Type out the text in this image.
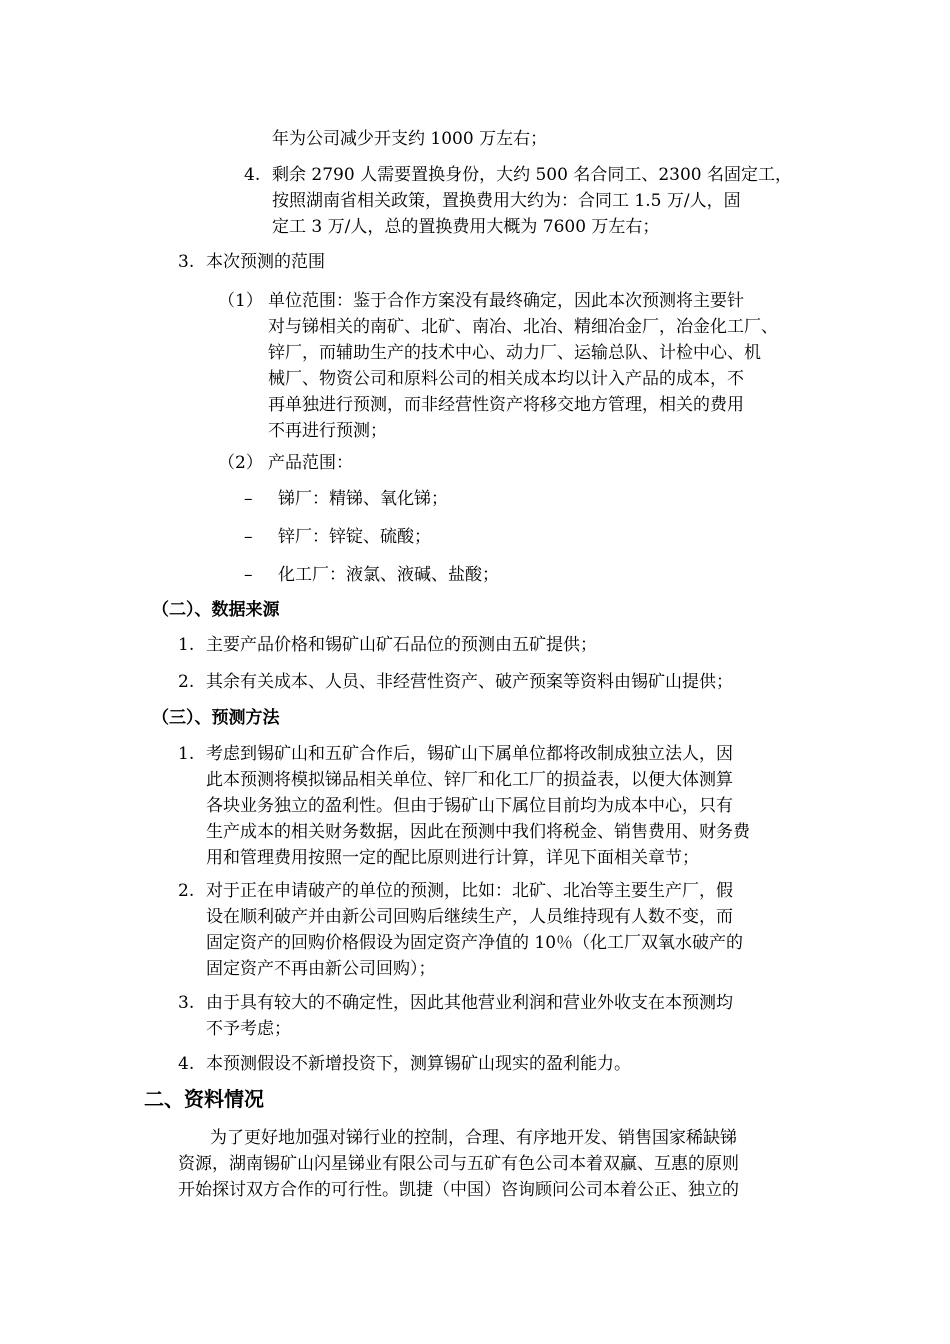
年为公司减少开支约 1000 万左右；
4. 剩余 2790 人需要置换身份，大约 500 名合同工、2300 名固定工，
按照湖南省相关政策，置换费用大约为：合同工 1.5 万/人，固
定工 3 万/人，总的置换费用大概为 7600 万左右；
3. 本次预测的范围
（1） 单位范围：鉴于合作方案没有最终确定，因此本次预测将主要针
对与锑相关的南矿、北矿、南冶、北冶、精细冶金厂，冶金化工厂、
锌厂，而辅助生产的技术中心、动力厂、运输总队、计检中心、机
械厂、物资公司和原料公司的相关成本均以计入产品的成本，不
再单独进行预测，而非经营性资产将移交地方管理，相关的费用
不再进行预测；
（2） 产品范围：
– 锑厂：精锑、氧化锑；
– 锌厂：锌锭、硫酸；
– 化工厂：液氯、液碱、盐酸；
（二）、数据来源
1. 主要产品价格和锡矿山矿石品位的预测由五矿提供；
2. 其余有关成本、人员、非经营性资产、破产预案等资料由锡矿山提供；
（三）、预测方法
1. 考虑到锡矿山和五矿合作后，锡矿山下属单位都将改制成独立法人，因
此本预测将模拟锑品相关单位、锌厂和化工厂的损益表，以便大体测算
各块业务独立的盈利性。但由于锡矿山下属位目前均为成本中心，只有
生产成本的相关财务数据，因此在预测中我们将税金、销售费用、财务费
用和管理费用按照一定的配比原则进行计算，详见下面相关章节；
2. 对于正在申请破产的单位的预测，比如：北矿、北冶等主要生产厂，假
设在顺利破产并由新公司回购后继续生产，人员维持现有人数不变，而
固定资产的回购价格假设为固定资产净值的 10％（化工厂双氧水破产的
固定资产不再由新公司回购）；
3. 由于具有较大的不确定性，因此其他营业利润和营业外收支在本预测均
不予考虑；
4. 本预测假设不新增投资下，测算锡矿山现实的盈利能力。
二、资料情况
为了更好地加强对锑行业的控制，合理、有序地开发、销售国家稀缺锑
资源，湖南锡矿山闪星锑业有限公司与五矿有色公司本着双赢、互惠的原则
开始探讨双方合作的可行性。凯捷（中国）咨询顾问公司本着公正、独立的
